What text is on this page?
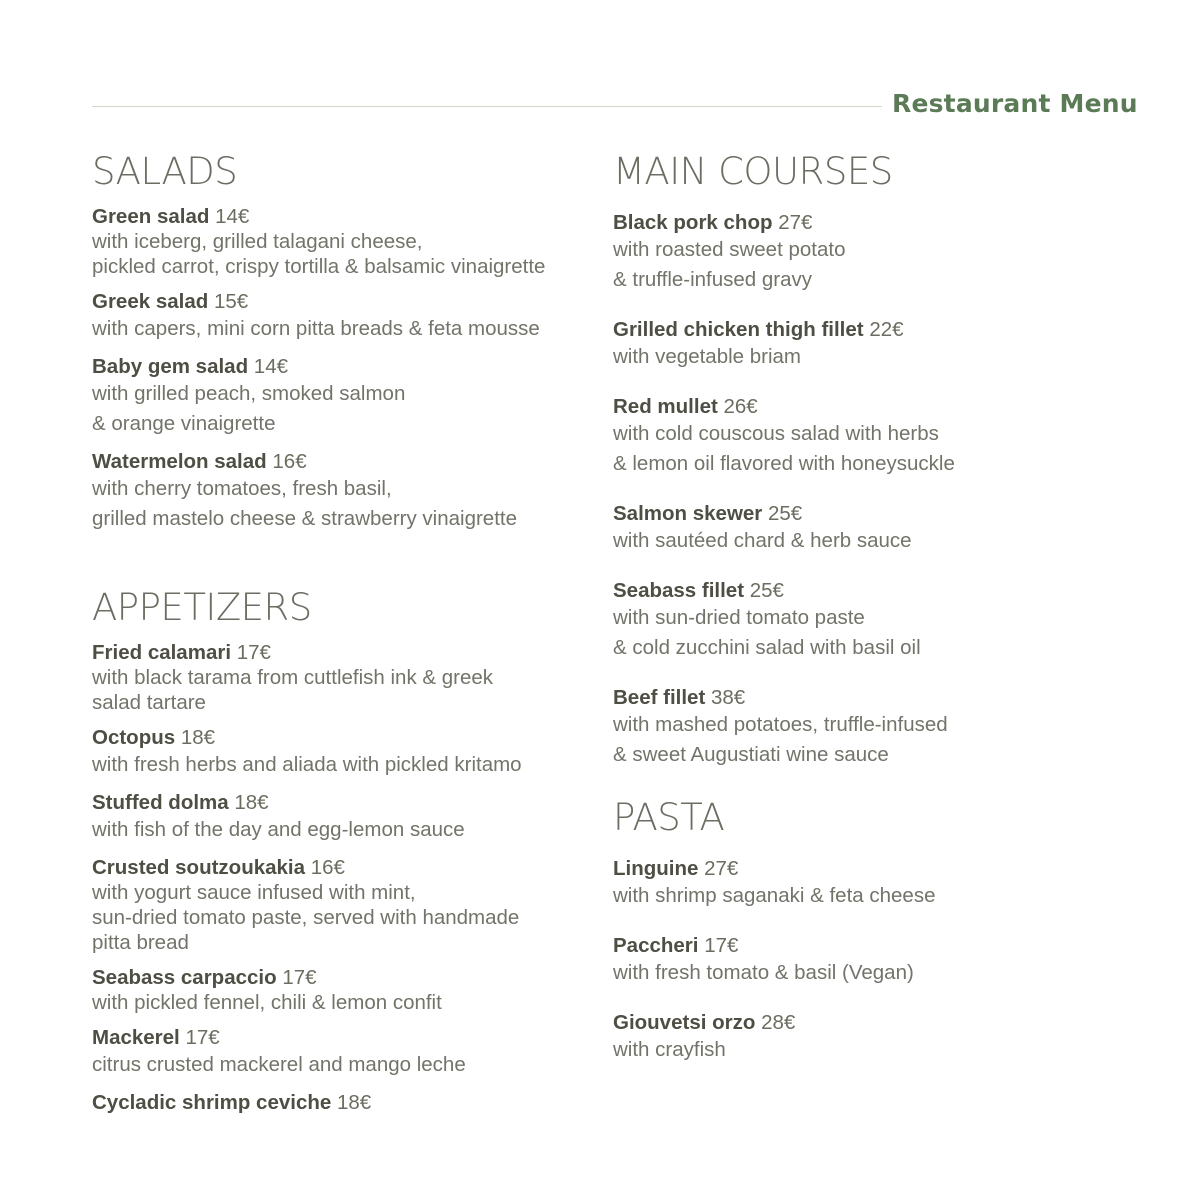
Restaurant Menu
SALADS
Green salad 14€
with iceberg, grilled talagani cheese,
pickled carrot, crispy tortilla & balsamic vinaigrette
Greek salad 15€
with capers, mini corn pitta breads & feta mousse
Baby gem salad 14€
with grilled peach, smoked salmon
& orange vinaigrette
Watermelon salad 16€
with cherry tomatoes, fresh basil,
grilled mastelo cheese & strawberry vinaigrette
APPETIZERS
Fried calamari 17€
with black tarama from cuttlefish ink & greek
salad tartare
Octopus 18€
with fresh herbs and aliada with pickled kritamo
Stuffed dolma 18€
with fish of the day and egg-lemon sauce
Crusted soutzoukakia 16€
with yogurt sauce infused with mint,
sun-dried tomato paste, served with handmade
pitta bread
Seabass carpaccio 17€
with pickled fennel, chili & lemon confit
Mackerel 17€
citrus crusted mackerel and mango leche
Cycladic shrimp ceviche 18€
MAIN COURSES
Black pork chop 27€
with roasted sweet potato
& truffle-infused gravy
Grilled chicken thigh fillet 22€
with vegetable briam
Red mullet 26€
with cold couscous salad with herbs
& lemon oil flavored with honeysuckle
Salmon skewer 25€
with sautéed chard & herb sauce
Seabass fillet 25€
with sun-dried tomato paste
& cold zucchini salad with basil oil
Beef fillet 38€
with mashed potatoes, truffle-infused
& sweet Augustiati wine sauce
PASTA
Linguine 27€
with shrimp saganaki & feta cheese
Paccheri 17€
with fresh tomato & basil (Vegan)
Giouvetsi orzo 28€
with crayfish
